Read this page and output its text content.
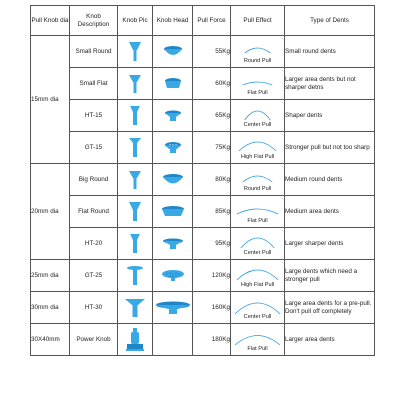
Pull Knob dia	Knob Description	Knob Pic	Knob Head	Pull Force	Pull Effect	Type of Dents
15mm dia	Small Round			55Kg	Round Pull	Small round dents
	Small Flat			60Kg	Flat Pull	Larger area dents but not sharper detns
	HT-15			65Kg	Center Pull	Shaper dents
	GT-15			75Kg	High Flat Pull	Stronger pull but not too sharp
20mm dia	Big Round			80Kg	Round Pull	Medium round dents
	Flat Round			85Kg	Flat Pull	Medium area dents
	HT-20			95Kg	Center Pull	Larger sharper dents
25mm dia	GT-25			120Kg	High Flat Pull	Large dents which need a stronger pull
30mm dia	HT-30			160Kg	Center Pull	Large area dents for a pre-pull. Don't pull off completely
30X40mm	Power Knob			180Kg	Flat Pull	Larger area dents
